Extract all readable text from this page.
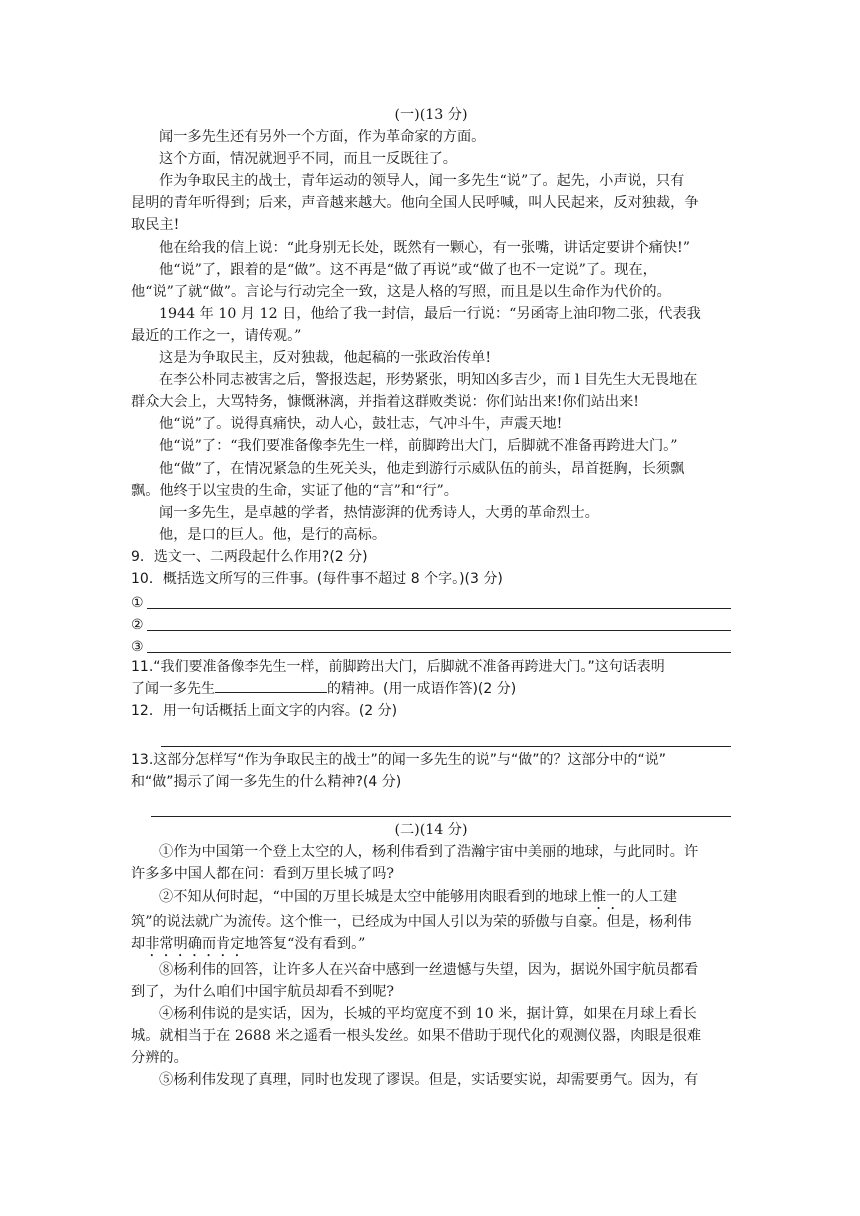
(一)(13 分)
闻一多先生还有另外一个方面，作为革命家的方面。
这个方面，情况就迥乎不同，而且一反既往了。
作为争取民主的战士，青年运动的领导人，闻一多先生“说”了。起先，小声说，只有
昆明的青年听得到；后来，声音越来越大。他向全国人民呼喊，叫人民起来，反对独裁，争
取民主!
他在给我的信上说：“此身别无长处，既然有一颗心，有一张嘴，讲话定要讲个痛快!”
他“说”了，跟着的是“做”。这不再是“做了再说”或“做了也不一定说”了。现在，
他“说”了就“做”。言论与行动完全一致，这是人格的写照，而且是以生命作为代价的。
1944 年 10 月 12 日，他给了我一封信，最后一行说：“另函寄上油印物二张，代表我
最近的工作之一，请传观。”
这是为争取民主，反对独裁，他起稿的一张政治传单!
在李公朴同志被害之后，警报迭起，形势紧张，明知凶多吉少，而 l 目先生大无畏地在
群众大会上，大骂特务，慷慨淋漓，并指着这群败类说：你们站出来!你们站出来!
他“说”了。说得真痛快，动人心，鼓壮志，气冲斗牛，声震天地!
他“说”了：“我们要准备像李先生一样，前脚跨出大门，后脚就不准备再跨进大门。”
他“做”了，在情况紧急的生死关头，他走到游行示威队伍的前头，昂首挺胸，长须飘
飘。他终于以宝贵的生命，实证了他的“言”和“行”。
闻一多先生，是卓越的学者，热情澎湃的优秀诗人，大勇的革命烈士。
他，是口的巨人。他，是行的高标。
9．选文一、二两段起什么作用?(2 分)
10．概括选文所写的三件事。(每件事不超过 8 个字。)(3 分)
①
②
③
11.“我们要准备像李先生一样，前脚跨出大门，后脚就不准备再跨进大门。”这句话表明
了闻一多先生	的精神。(用一成语作答)(2 分)
12．用一句话概括上面文字的内容。(2 分)
13.这部分怎样写“作为争取民主的战士”的闻一多先生的说”与“做”的？这部分中的“说”
和“做”揭示了闻一多先生的什么精神?(4 分)
(二)(14 分)
①作为中国第一个登上太空的人，杨利伟看到了浩瀚宇宙中美丽的地球，与此同时。许
许多多中国人都在问：看到万里长城了吗?
②不知从何时起，“中国的万里长城是太空中能够用肉眼看到的地球上惟一的人工建
筑”的说法就广为流传。这个惟一，已经成为中国人引以为荣的骄傲与自豪。但是，杨利伟
却非常明确而肯定地答复“没有看到。”
⑧杨利伟的回答，让许多人在兴奋中感到一丝遗憾与失望，因为，据说外国宇航员都看
到了，为什么咱们中国宇航员却看不到呢?
④杨利伟说的是实话，因为，长城的平均宽度不到 10 米，据计算，如果在月球上看长
城。就相当于在 2688 米之遥看一根头发丝。如果不借助于现代化的观测仪器，肉眼是很难
分辨的。
⑤杨利伟发现了真理，同时也发现了谬误。但是，实话要实说，却需要勇气。因为，有
